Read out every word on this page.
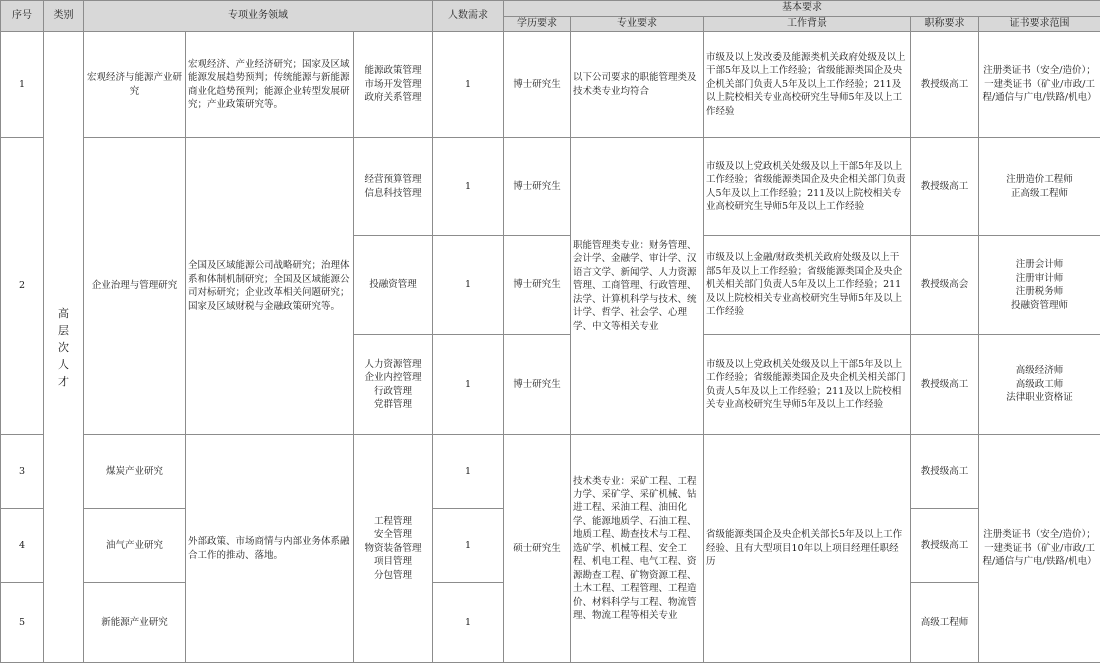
序号	类别	专项业务领域			人数需求	基本要求				
						学历要求	专业要求	工作背景	职称要求	证书要求范围
1	高层次人才	宏观经济与能源产业研究	宏观经济、产业经济研究；国家及区域能源发展趋势预判；传统能源与新能源商业化趋势预判；能源企业转型发展研究；产业政策研究等。	能源政策管理
市场开发管理
政府关系管理	1	博士研究生	以下公司要求的职能管理类及技术类专业均符合	市级及以上发改委及能源类机关政府处级及以上干部5年及以上工作经验；省级能源类国企及央企机关部门负责人5年及以上工作经验；211及以上院校相关专业高校研究生导师5年及以上工作经验	教授级高工	注册类证书（安全/造价）；一建类证书（矿业/市政/工程/通信与广电/铁路/机电）
2		企业治理与管理研究	全国及区域能源公司战略研究；治理体系和体制机制研究；全国及区域能源公司对标研究；企业改革相关问题研究；国家及区域财税与金融政策研究等。	经营预算管理
信息科技管理	1	博士研究生	职能管理类专业：财务管理、会计学、金融学、审计学、汉语言文学、新闻学、人力资源管理、工商管理、行政管理、法学、计算机科学与技术、统计学、哲学、社会学、心理学、中文等相关专业	市级及以上党政机关处级及以上干部5年及以上工作经验；省级能源类国企及央企相关部门负责人5年及以上工作经验；211及以上院校相关专业高校研究生导师5年及以上工作经验	教授级高工	注册造价工程师
正高级工程师
				投融资管理	1	博士研究生		市级及以上金融/财政类机关政府处级及以上干部5年及以上工作经验；省级能源类国企及央企机关相关部门负责人5年及以上工作经验；211及以上院校相关专业高校研究生导师5年及以上工作经验	教授级高会	注册会计师
注册审计师
注册税务师
投融资管理师
				人力资源管理
企业内控管理
行政管理
党群管理	1	博士研究生		市级及以上党政机关处级及以上干部5年及以上工作经验；省级能源类国企及央企机关相关部门负责人5年及以上工作经验；211及以上院校相关专业高校研究生导师5年及以上工作经验	教授级高工	高级经济师
高级政工师
法律职业资格证
3		煤炭产业研究	外部政策、市场商情与内部业务体系融合工作的推动、落地。	工程管理
安全管理
物资装备管理
项目管理
分包管理	1	硕士研究生	技术类专业：采矿工程、工程力学、采矿学、采矿机械、钻进工程、采油工程、油田化学、能源地质学、石油工程、地质工程、勘查技术与工程、选矿学、机械工程、安全工程、机电工程、电气工程、资源勘查工程、矿物资源工程、土木工程、工程管理、工程造价、材料科学与工程、物流管理、物流工程等相关专业	省级能源类国企及央企机关部长5年及以上工作经验、且有大型项目10年以上项目经理任职经历	教授级高工	注册类证书（安全/造价）；一建类证书（矿业/市政/工程/通信与广电/铁路/机电）
4		油气产业研究			1				教授级高工	
5		新能源产业研究			1				高级工程师	
